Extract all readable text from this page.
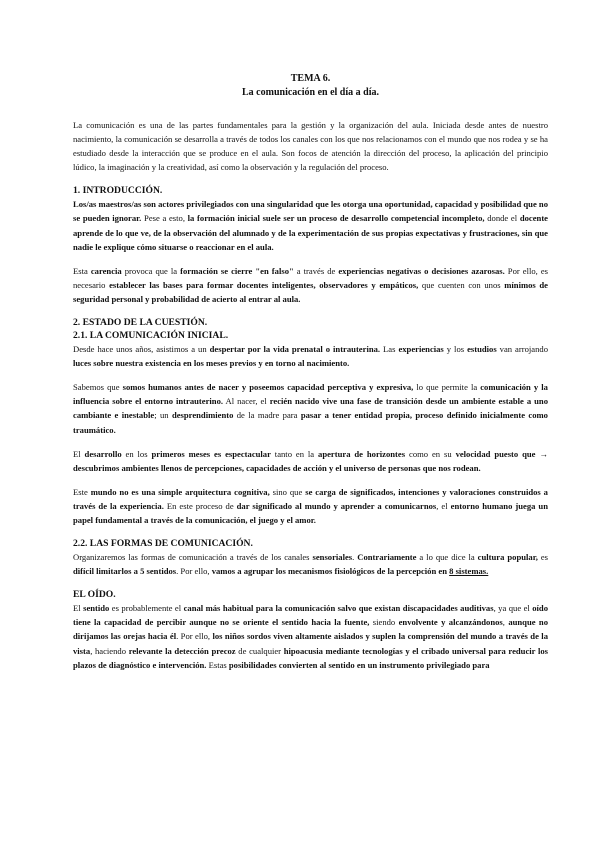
TEMA 6.

La comunicación en el día a día.

La comunicación es una de las partes fundamentales para la gestión y la organización del aula. Iniciada desde antes de nuestro nacimiento, la comunicación se desarrolla a través de todos los canales con los que nos relacionamos con el mundo que nos rodea y se ha estudiado desde la interacción que se produce en el aula. Son focos de atención la dirección del proceso, la aplicación del principio lúdico, la imaginación y la creatividad, así como la observación y la regulación del proceso.

1. INTRODUCCIÓN.

Los/as maestros/as son actores privilegiados con una singularidad que les otorga una oportunidad, capacidad y posibilidad que no se pueden ignorar. Pese a esto, la formación inicial suele ser un proceso de desarrollo competencial incompleto, donde el docente aprende de lo que ve, de la observación del alumnado y de la experimentación de sus propias expectativas y frustraciones, sin que nadie le explique cómo situarse o reaccionar en el aula.

Esta carencia provoca que la formación se cierre "en falso" a través de experiencias negativas o decisiones azarosas. Por ello, es necesario establecer las bases para formar docentes inteligentes, observadores y empáticos, que cuenten con unos mínimos de seguridad personal y probabilidad de acierto al entrar al aula.

2. ESTADO DE LA CUESTIÓN.
2.1. LA COMUNICACIÓN INICIAL.

Desde hace unos años, asistimos a un despertar por la vida prenatal o intrauterina. Las experiencias y los estudios van arrojando luces sobre nuestra existencia en los meses previos y en torno al nacimiento.

Sabemos que somos humanos antes de nacer y poseemos capacidad perceptiva y expresiva, lo que permite la comunicación y la influencia sobre el entorno intrauterino. Al nacer, el recién nacido vive una fase de transición desde un ambiente estable a uno cambiante e inestable; un desprendimiento de la madre para pasar a tener entidad propia, proceso definido inicialmente como traumático.

El desarrollo en los primeros meses es espectacular tanto en la apertura de horizontes como en su velocidad puesto que → descubrimos ambientes llenos de percepciones, capacidades de acción y el universo de personas que nos rodean.

Este mundo no es una simple arquitectura cognitiva, sino que se carga de significados, intenciones y valoraciones construidos a través de la experiencia. En este proceso de dar significado al mundo y aprender a comunicarnos, el entorno humano juega un papel fundamental a través de la comunicación, el juego y el amor.

2.2. LAS FORMAS DE COMUNICACIÓN.

Organizaremos las formas de comunicación a través de los canales sensoriales. Contrariamente a lo que dice la cultura popular, es difícil limitarlos a 5 sentidos. Por ello, vamos a agrupar los mecanismos fisiológicos de la percepción en 8 sistemas.

EL OÍDO.

El sentido es probablemente el canal más habitual para la comunicación salvo que existan discapacidades auditivas, ya que el oído tiene la capacidad de percibir aunque no se oriente el sentido hacia la fuente, siendo envolvente y alcanzándonos, aunque no dirijamos las orejas hacia él. Por ello, los niños sordos viven altamente aislados y suplen la comprensión del mundo a través de la vista, haciendo relevante la detección precoz de cualquier hipoacusia mediante tecnologías y el cribado universal para reducir los plazos de diagnóstico e intervención. Estas posibilidades convierten al sentido en un instrumento privilegiado para
